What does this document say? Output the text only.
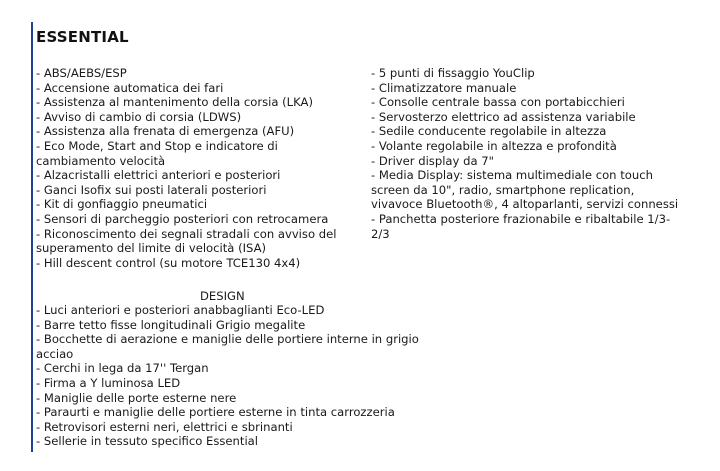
ESSENTIAL
- ABS/AEBS/ESP
- Accensione automatica dei fari
- Assistenza al mantenimento della corsia (LKA)
- Avviso di cambio di corsia (LDWS)
- Assistenza alla frenata di emergenza (AFU)
- Eco Mode, Start and Stop e indicatore di
cambiamento velocità
- Alzacristalli elettrici anteriori e posteriori
- Ganci Isofix sui posti laterali posteriori
- Kit di gonfiaggio pneumatici
- Sensori di parcheggio posteriori con retrocamera
- Riconoscimento dei segnali stradali con avviso del
superamento del limite di velocità (ISA)
- Hill descent control (su motore TCE130 4x4)
- 5 punti di fissaggio YouClip
- Climatizzatore manuale
- Consolle centrale bassa con portabicchieri
- Servosterzo elettrico ad assistenza variabile
- Sedile conducente regolabile in altezza
- Volante regolabile in altezza e profondità
- Driver display da 7"
- Media Display: sistema multimediale con touch
screen da 10", radio, smartphone replication,
vivavoce Bluetooth®, 4 altoparlanti, servizi connessi
- Panchetta posteriore frazionabile e ribaltabile 1/3-
2/3
DESIGN
- Luci anteriori e posteriori anabbaglianti Eco-LED
- Barre tetto fisse longitudinali Grigio megalite
- Bocchette di aerazione e maniglie delle portiere interne in grigio
acciao
- Cerchi in lega da 17'' Tergan
- Firma a Y luminosa LED
- Maniglie delle porte esterne nere
- Paraurti e maniglie delle portiere esterne in tinta carrozzeria
- Retrovisori esterni neri, elettrici e sbrinanti
- Sellerie in tessuto specifico Essential
